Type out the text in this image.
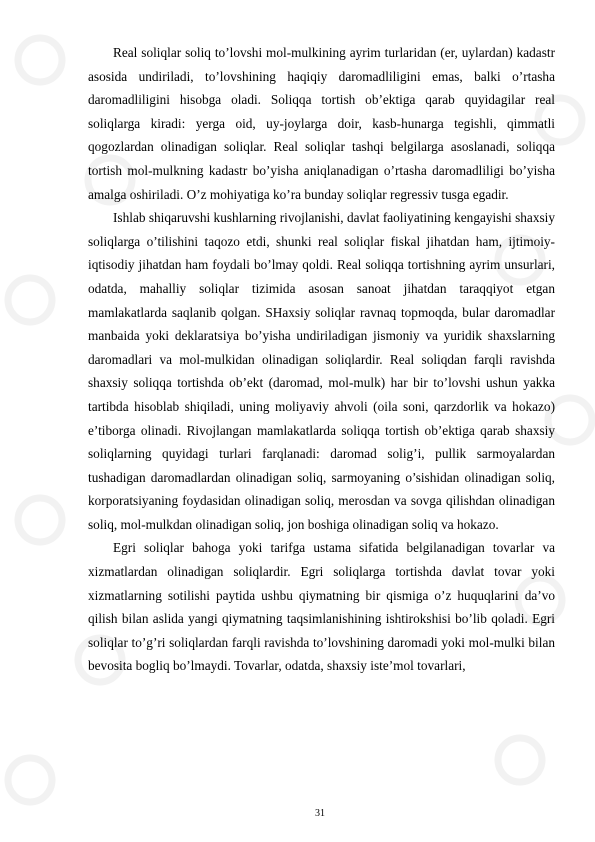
Real soliqlar soliq to’lovshi mol-mulkining ayrim turlaridan (er, uylardan) kadastr asosida undiriladi, to’lovshining haqiqiy daromadliligini emas, balki o’rtasha daromadliligini hisobga oladi. Soliqqa tortish ob’ektiga qarab quyidagilar real soliqlarga kiradi: yerga oid, uy-joylarga doir, kasb-hunarga tegishli, qimmatli qogozlardan olinadigan soliqlar. Real soliqlar tashqi belgilarga asoslanadi, soliqqa tortish mol-mulkning kadastr bo’yisha aniqlanadigan o’rtasha daromadliligi bo’yisha amalga oshiriladi. O’z mohiyatiga ko’ra bunday soliqlar regressiv tusga egadir.

Ishlab shiqaruvshi kushlarning rivojlanishi, davlat faoliyatining kengayishi shaxsiy soliqlarga o’tilishini taqozo etdi, shunki real soliqlar fiskal jihatdan ham, ijtimoiy-iqtisodiy jihatdan ham foydali bo’lmay qoldi. Real soliqqa tortishning ayrim unsurlari, odatda, mahalliy soliqlar tizimida asosan sanoat jihatdan taraqqiyot etgan mamlakatlarda saqlanib qolgan. SHaxsiy soliqlar ravnaq topmoqda, bular daromadlar manbaida yoki deklaratsiya bo’yisha undiriladigan jismoniy va yuridik shaxslarning daromadlari va mol-mulkidan olinadigan soliqlardir. Real soliqdan farqli ravishda shaxsiy soliqqa tortishda ob’ekt (daromad, mol-mulk) har bir to’lovshi ushun yakka tartibda hisoblab shiqiladi, uning moliyaviy ahvoli (oila soni, qarzdorlik va hokazo) e’tiborga olinadi. Rivojlangan mamlakatlarda soliqqa tortish ob’ektiga qarab shaxsiy soliqlarning quyidagi turlari farqlanadi: daromad solig’i, pullik sarmoyalardan tushadigan daromadlardan olinadigan soliq, sarmoyaning o’sishidan olinadigan soliq, korporatsiyaning foydasidan olinadigan soliq, merosdan va sovga qilishdan olinadigan soliq, mol-mulkdan olinadigan soliq, jon boshiga olinadigan soliq va hokazo.

Egri soliqlar bahoga yoki tarifga ustama sifatida belgilanadigan tovarlar va xizmatlardan olinadigan soliqlardir. Egri soliqlarga tortishda davlat tovar yoki xizmatlarning sotilishi paytida ushbu qiymatning bir qismiga o’z huquqlarini da’vo qilish bilan aslida yangi qiymatning taqsimlanishining ishtirokshisi bo’lib qoladi. Egri soliqlar to’g’ri soliqlardan farqli ravishda to’lovshining daromadi yoki mol-mulki bilan bevosita bogliq bo’lmaydi. Tovarlar, odatda, shaxsiy iste’mol tovarlari,

31
